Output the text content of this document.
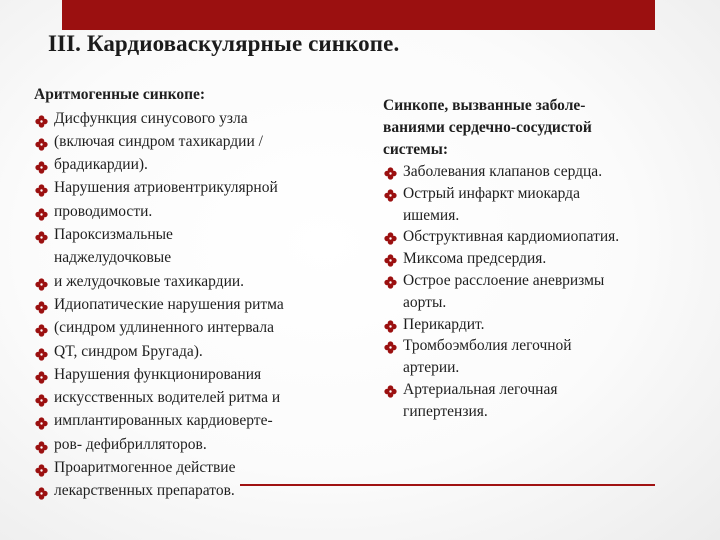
III. Кардиоваскулярные синкопе.

Аритмогенные синкопе:

Дисфункция синусового узла
(включая синдром тахикардии /
брадикардии).
Нарушения атриовентрикулярной
проводимости.
Пароксизмальные
наджелудочковые
и желудочковые тахикардии.
Идиопатические нарушения ритма
(синдром удлиненного интервала
QT, синдром Бругада).
Нарушения функционирования
искусственных водителей ритма и
имплантированных кардиоверте-
ров- дефибрилляторов.
Проаритмогенное действие
лекарственных препаратов.

Синкопе, вызванные заболе-
ваниями сердечно-сосудистой
системы:

Заболевания клапанов сердца.
Острый инфаркт миокарда
ишемия.
Обструктивная кардиомиопатия.
Миксома предсердия.
Острое расслоение аневризмы
аорты.
Перикардит.
Тромбоэмболия легочной
артерии.
Артериальная легочная
гипертензия.
